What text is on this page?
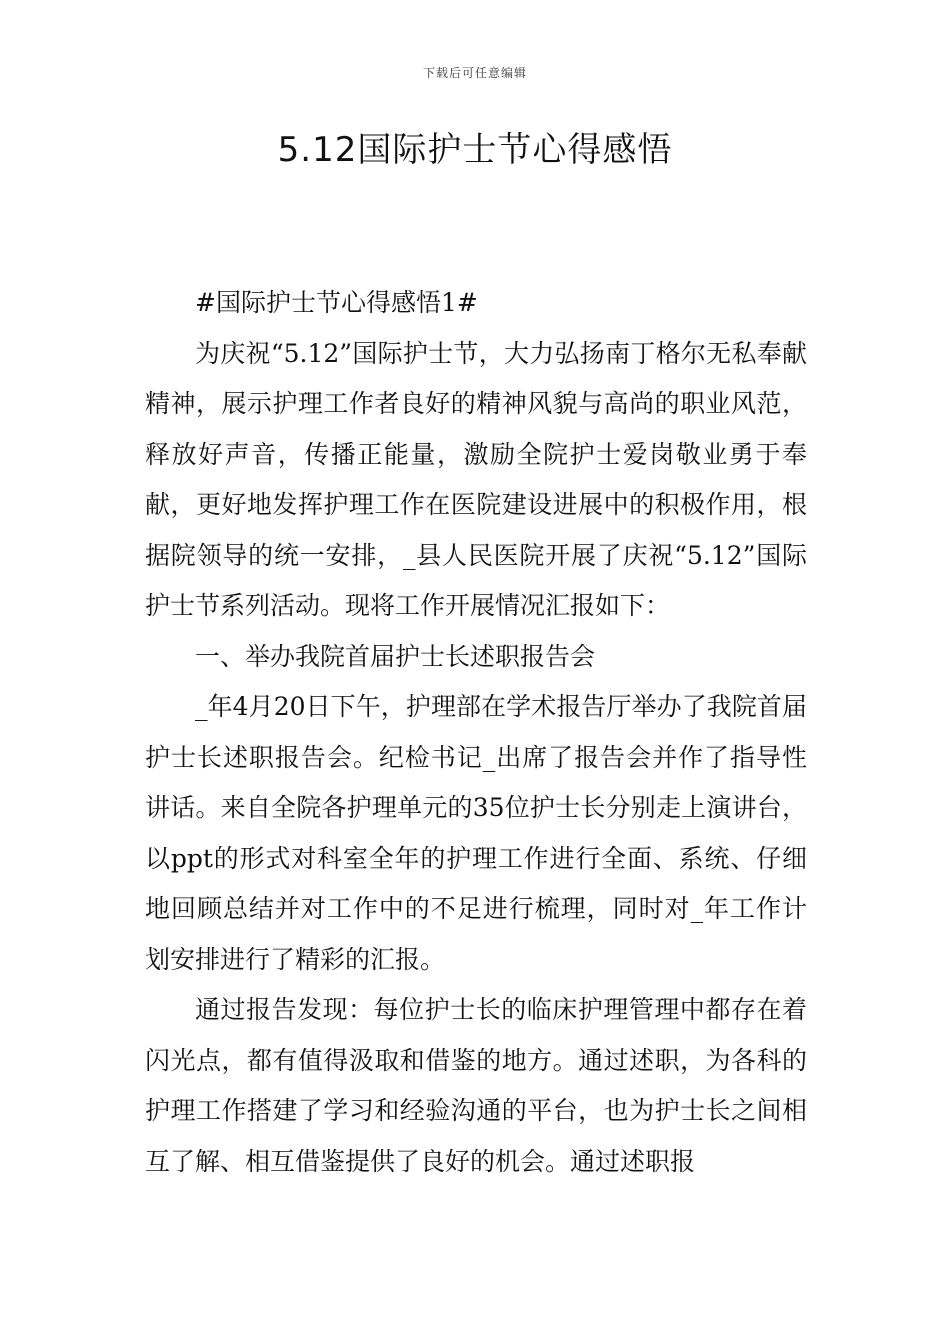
下载后可任意编辑
5.12国际护士节心得感悟

#国际护士节心得感悟1#

为庆祝“5.12”国际护士节，大力弘扬南丁格尔无私奉献精神，展示护理工作者良好的精神风貌与高尚的职业风范，释放好声音，传播正能量，激励全院护士爱岗敬业勇于奉献，更好地发挥护理工作在医院建设进展中的积极作用，根据院领导的统一安排，_县人民医院开展了庆祝“5.12”国际护士节系列活动。现将工作开展情况汇报如下：

一、举办我院首届护士长述职报告会

_年4月20日下午，护理部在学术报告厅举办了我院首届护士长述职报告会。纪检书记_出席了报告会并作了指导性讲话。来自全院各护理单元的35位护士长分别走上演讲台，以ppt的形式对科室全年的护理工作进行全面、系统、仔细地回顾总结并对工作中的不足进行梳理，同时对_年工作计划安排进行了精彩的汇报。

通过报告发现：每位护士长的临床护理管理中都存在着闪光点，都有值得汲取和借鉴的地方。通过述职，为各科的护理工作搭建了学习和经验沟通的平台，也为护士长之间相互了解、相互借鉴提供了良好的机会。通过述职报
